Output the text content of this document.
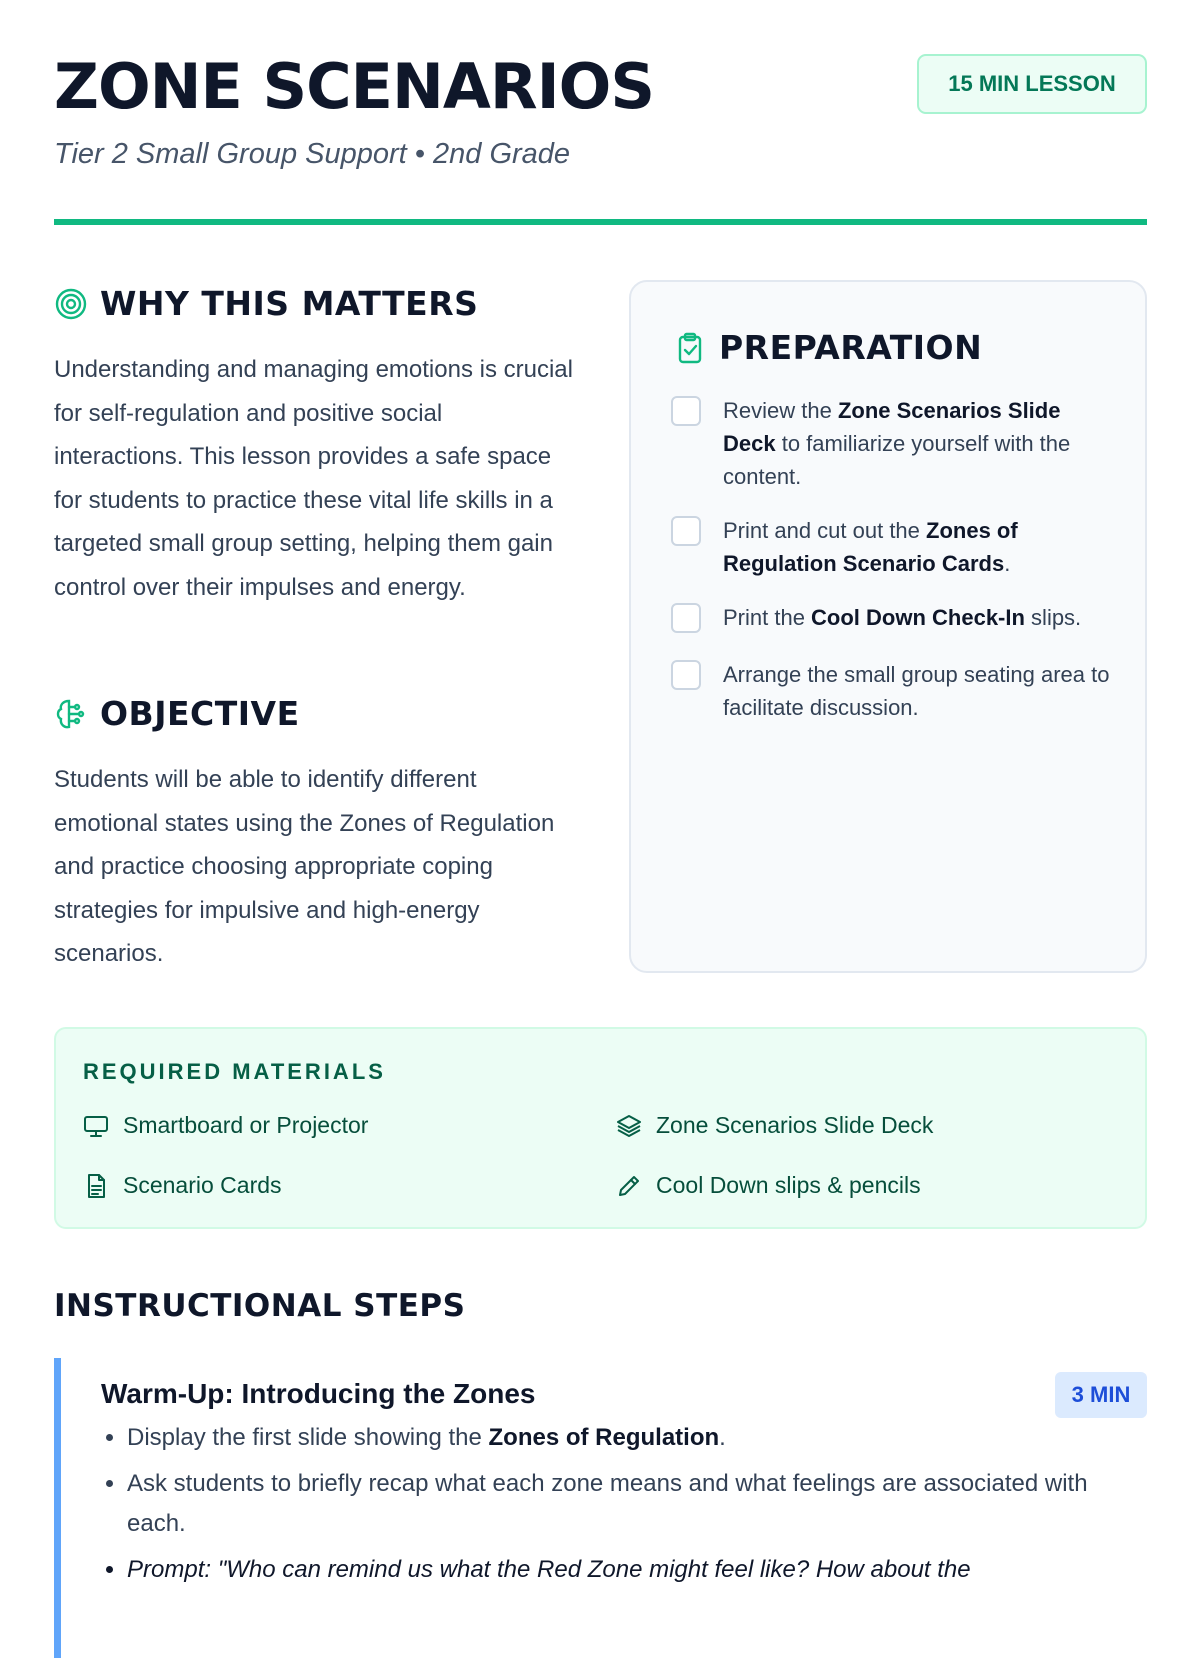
ZONE SCENARIOS

Tier 2 Small Group Support • 2nd Grade

15 MIN LESSON
WHY THIS MATTERS

Understanding and managing emotions is crucial for self-regulation and positive social interactions. This lesson provides a safe space for students to practice these vital life skills in a targeted small group setting, helping them gain control over their impulses and energy.

OBJECTIVE

Students will be able to identify different emotional states using the Zones of Regulation and practice choosing appropriate coping strategies for impulsive and high-energy scenarios.

PREPARATION
Review the Zone Scenarios Slide Deck to familiarize yourself with the content.
Print and cut out the Zones of Regulation Scenario Cards.
Print the Cool Down Check-In slips.
Arrange the small group seating area to facilitate discussion.
REQUIRED MATERIALS
Smartboard or Projector	Zone Scenarios Slide Deck
Scenario Cards	Cool Down slips & pencils
INSTRUCTIONAL STEPS
Warm-Up: Introducing the Zones	3 MIN
• Display the first slide showing the Zones of Regulation.
• Ask students to briefly recap what each zone means and what feelings are associated with each.
• Prompt: "Who can remind us what the Red Zone might feel like? How about the
